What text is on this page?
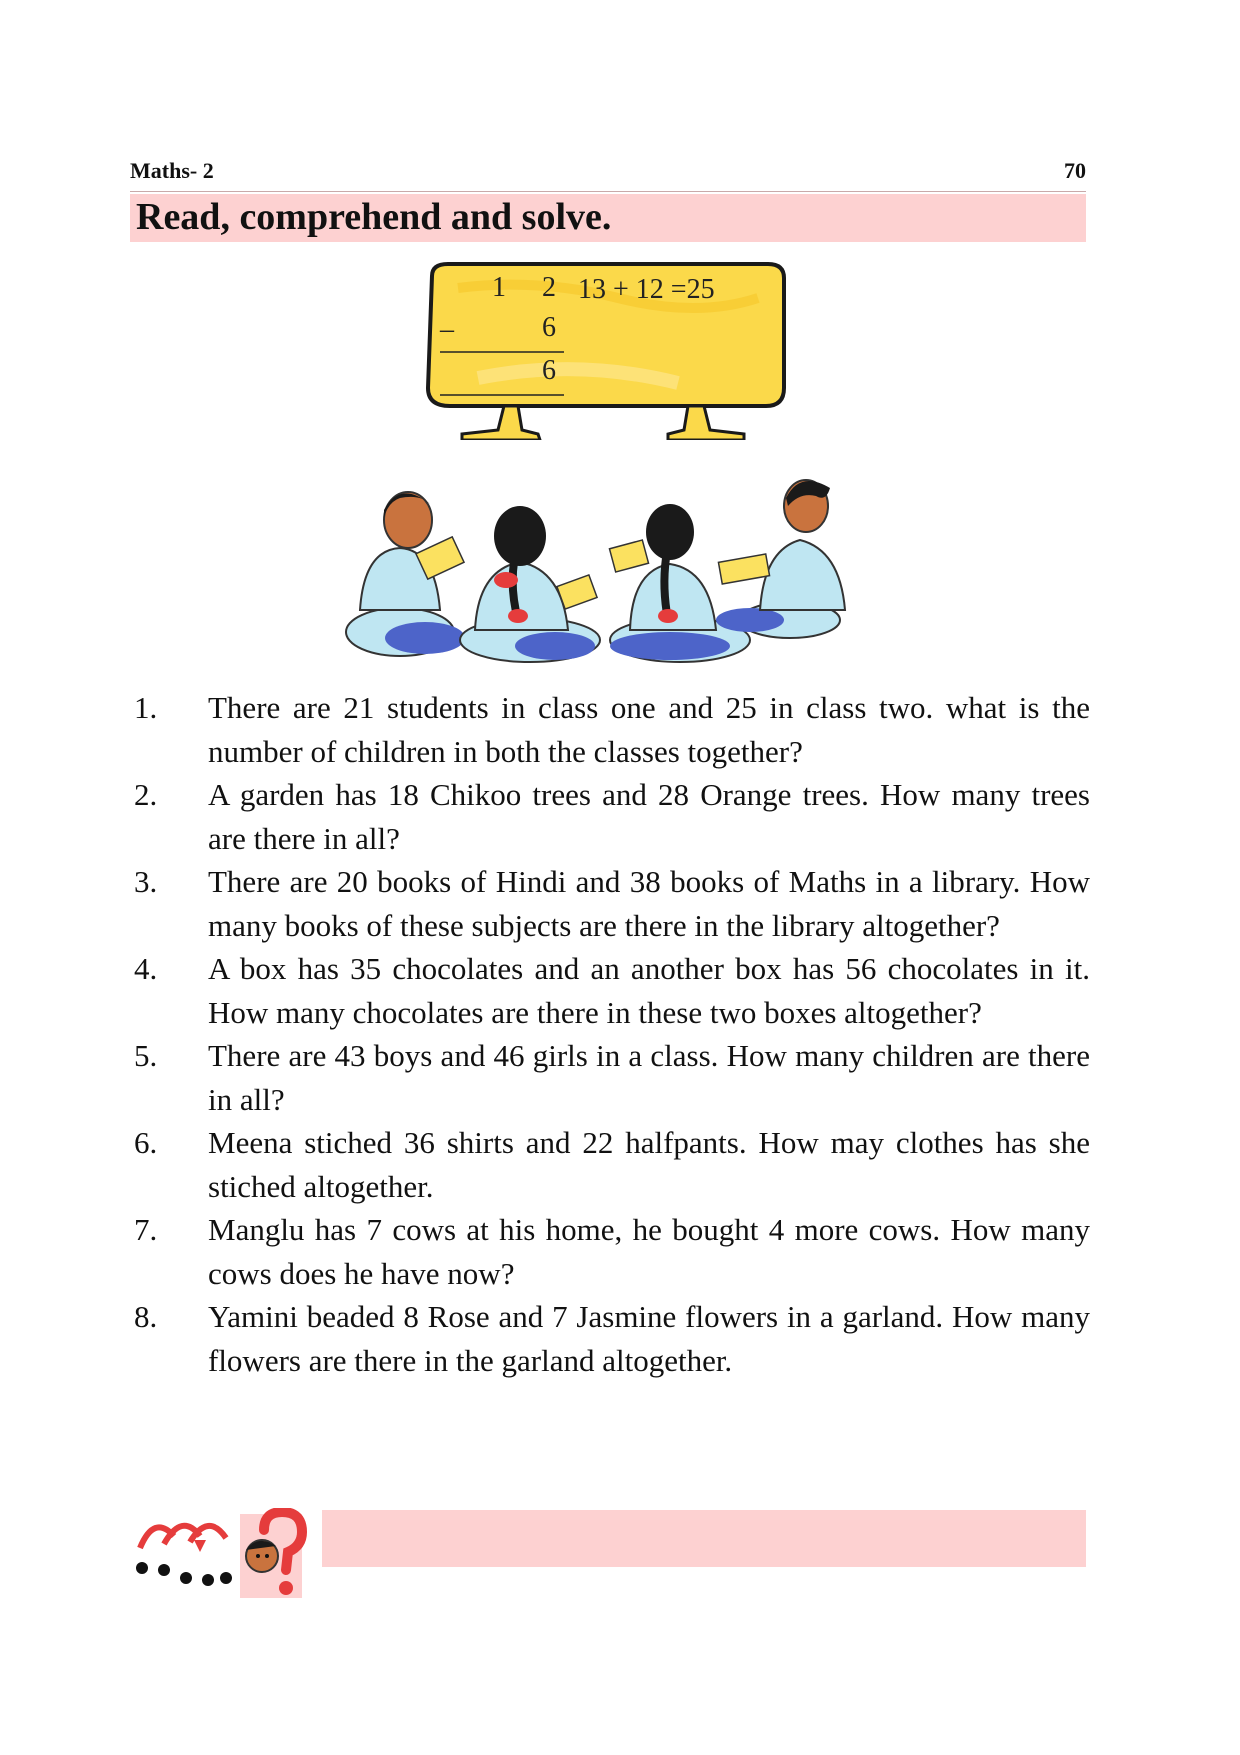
Maths- 2	70
Read, comprehend and solve.
1 2 13 + 12 =25
–	6
6
1. There are 21 students in class one and 25 in class two. what is the number of children in both the classes together?
2. A garden has 18 Chikoo trees and 28 Orange trees. How many trees are there in all?
3. There are 20 books of Hindi and 38 books of Maths in a library. How many books of these subjects are there in the library altogether?
4. A box has 35 chocolates and an another box has 56 chocolates in it. How many chocolates are there in these two boxes altogether?
5. There are 43 boys and 46 girls in a class. How many children are there in all?
6. Meena stiched 36 shirts and 22 halfpants. How may clothes has she stiched altogether.
7. Manglu has 7 cows at his home, he bought 4 more cows. How many cows does he have now?
8. Yamini beaded 8 Rose and 7 Jasmine flowers in a garland. How many flowers are there in the garland altogether.
